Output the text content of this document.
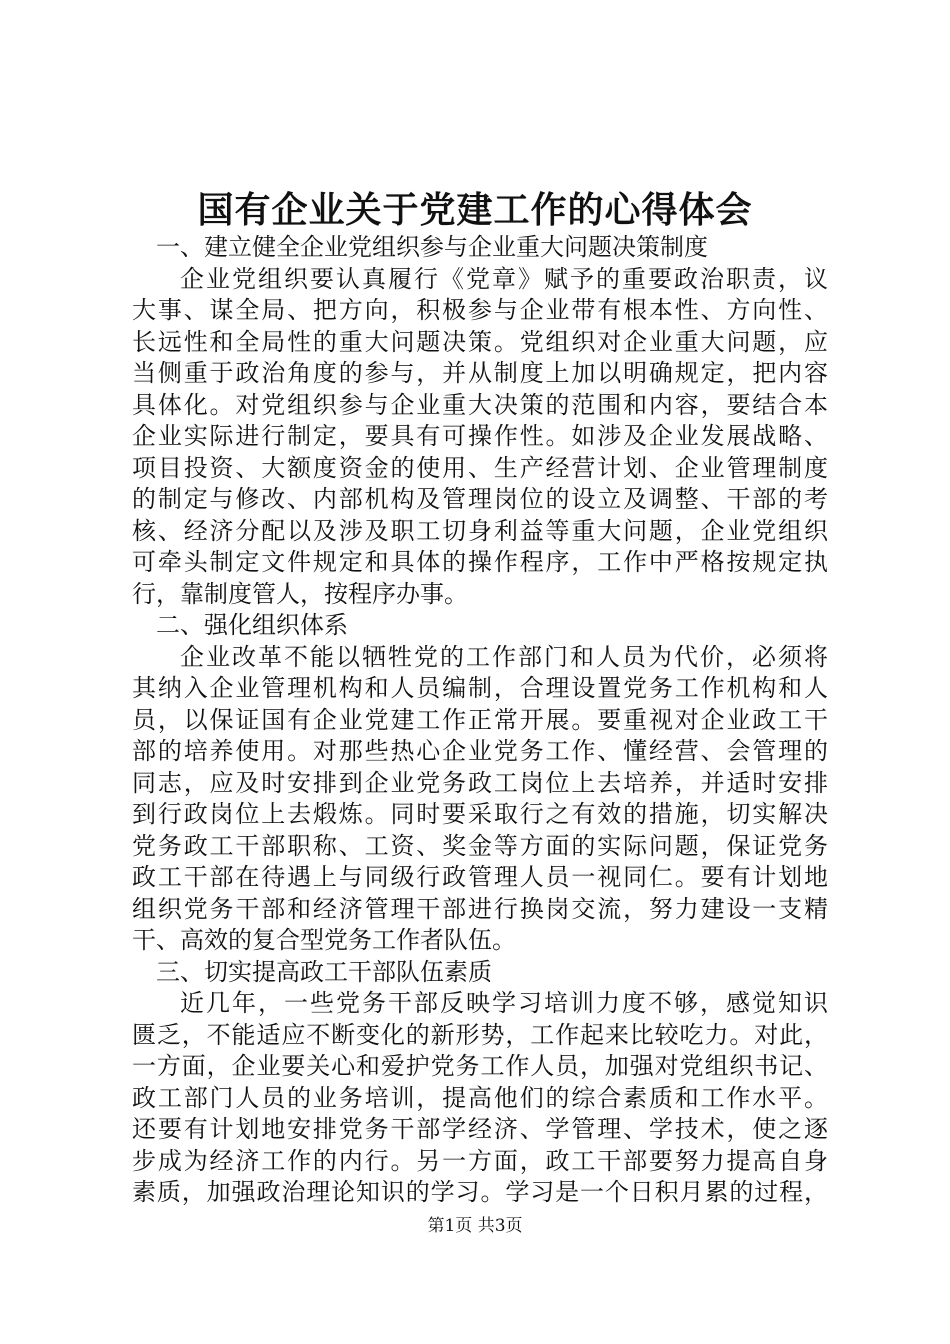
国有企业关于党建工作的心得体会
一、建立健全企业党组织参与企业重大问题决策制度
企业党组织要认真履行《党章》赋予的重要政治职责，议
大事、谋全局、把方向，积极参与企业带有根本性、方向性、
长远性和全局性的重大问题决策。党组织对企业重大问题，应
当侧重于政治角度的参与，并从制度上加以明确规定，把内容
具体化。对党组织参与企业重大决策的范围和内容，要结合本
企业实际进行制定，要具有可操作性。如涉及企业发展战略、
项目投资、大额度资金的使用、生产经营计划、企业管理制度
的制定与修改、内部机构及管理岗位的设立及调整、干部的考
核、经济分配以及涉及职工切身利益等重大问题，企业党组织
可牵头制定文件规定和具体的操作程序，工作中严格按规定执
行，靠制度管人，按程序办事。
二、强化组织体系
企业改革不能以牺牲党的工作部门和人员为代价，必须将
其纳入企业管理机构和人员编制，合理设置党务工作机构和人
员，以保证国有企业党建工作正常开展。要重视对企业政工干
部的培养使用。对那些热心企业党务工作、懂经营、会管理的
同志，应及时安排到企业党务政工岗位上去培养，并适时安排
到行政岗位上去煅炼。同时要采取行之有效的措施，切实解决
党务政工干部职称、工资、奖金等方面的实际问题，保证党务
政工干部在待遇上与同级行政管理人员一视同仁。要有计划地
组织党务干部和经济管理干部进行换岗交流，努力建设一支精
干、高效的复合型党务工作者队伍。
三、切实提高政工干部队伍素质
近几年，一些党务干部反映学习培训力度不够，感觉知识
匮乏，不能适应不断变化的新形势，工作起来比较吃力。对此，
一方面，企业要关心和爱护党务工作人员，加强对党组织书记、
政工部门人员的业务培训，提高他们的综合素质和工作水平。
还要有计划地安排党务干部学经济、学管理、学技术，使之逐
步成为经济工作的内行。另一方面，政工干部要努力提高自身
素质，加强政治理论知识的学习。学习是一个日积月累的过程，
第1页 共3页
